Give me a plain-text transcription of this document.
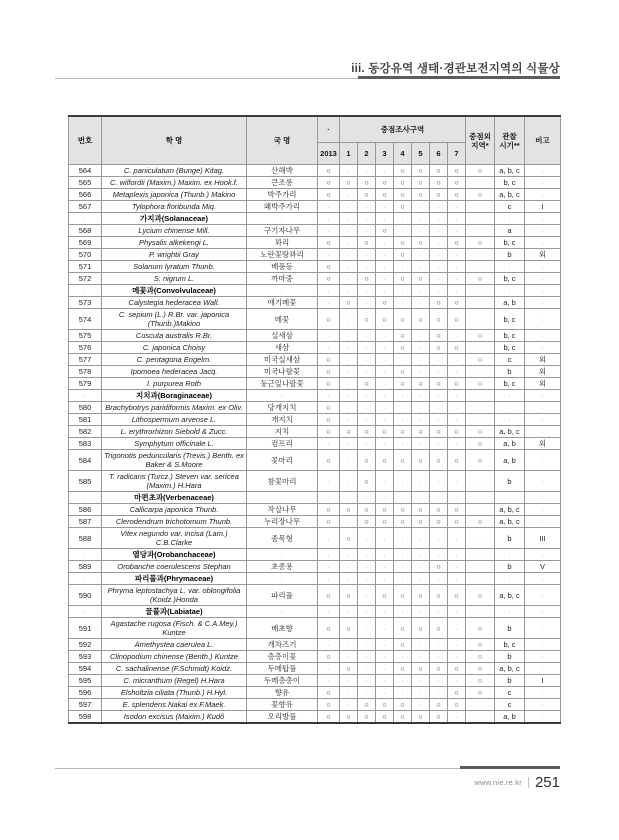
iii. 동강유역 생태·경관보전지역의 식물상
번호	학 명	국 명	·	중점조사구역							중점외
지역*	관찰
시기**	비고
			2013	1	2	3	4	5	6	7			
564	C. paniculatum (Bunge) Kitag.	산해박	○	·	·	·	○	○	○	○	○	a, b, c	·
565	C. wilfordii (Maxim.) Maxim. ex Hook.f.	큰조롱	○	○	○	○	○	○	○	○	·	b, c	·
566	Metaplexis japonica (Thunb.) Makino	박주가리	○	·	○	○	○	○	○	○	○	a, b, c	·
567	Tylophora floribunda Miq.	왜박주가리	·	·	·	·	○	·	·	·	·	c	I
·	가지과(Solanaceae)	·	·	·	·	·	·	·	·	·	·	·	·
568	Lycium chinense Mill.	구기자나무	·	·	·	○	·	·	·	·	·	a	·
569	Physalis alkekengi L.	꽈리	○	·	○	·	○	○	·	○	○	b, c	·
570	P. wrightii Gray	노란꽃땅꽈리	·	·	·	·	○	·	·	·	·	b	외
571	Solanum lyratum Thunb.	배풍등	○	·	·	·	·	·	·	·	·	·	·
572	S. nigrum L.	까마중	○	·	○	·	○	○	·	·	○	b, c	·
·	메꽃과(Convolvulaceae)	·	·	·	·	·	·	·	·	·	·	·	·
573	Calystegia hederacea Wall.	애기메꽃	·	○	·	○	·	·	○	○	·	a, b	·
574	C. sepium (L.) R.Br. var. japonica (Thunb.)Makino	메꽃	○	·	○	○	○	○	○	○	·	b, c	·
575	Cuscuta australis R.Br.	실새삼	·	·	·	·	○	·	○	·	○	b, c	·
576	C. japonica Choisy	새삼	·	·	·	·	○	·	○	○	·	b, c	·
577	C. pentagona Engelm.	미국실새삼	○	·	·	·	·	·	·	·	○	c	외
578	Ipomoea hederacea Jacq.	미국나팔꽃	○	·	·	·	○	·	·	·	·	b	외
579	I. purpurea Roth	둥근잎나팔꽃	○	·	○	·	○	○	○	○	○	b, c	외
·	지치과(Boraginaceae)	·	·	·	·	·	·	·	·	·	·	·	·
580	Brachybotrys paridiformis Maxim. ex Oliv.	당개지치	○	·	·	·	·	·	·	·	·	·	·
581	Lithospermum arvense L.	개지치	○	·	·	·	·	·	·	·	·	·	·
582	L. erythrorhizon Siebold & Zucc.	지치	○	○	○	○	○	○	○	○	○	a, b, c	·
583	Symphytum officinale L.	컴프리	·	·	·	·	·	·	·	·	○	a, b	외
584	Trigonotis peduncularis (Trevis.) Benth. ex Baker & S.Moore	꽃마리	○	·	○	○	○	○	○	○	○	a, b	·
585	T. radicans (Turcz.) Steven var. sericea (Maxim.) H.Hara	참꽃마리	·	·	○	·	·	·	·	·	·	b	·
·	마편초과(Verbenaceae)	·	·	·	·	·	·	·	·	·	·	·	·
586	Callicarpa japonica Thunb.	작살나무	○	○	○	○	○	○	○	○	·	a, b, c	·
587	Clerodendrum trichotomum Thunb.	누리장나무	○	·	○	○	○	○	○	○	○	a, b, c	·
588	Vitex negundo var. incisa (Lam.) C.B.Clarke	좀목형	·	○	·	·	·	·	·	·	·	b	III
·	열당과(Orobanchaceae)	·	·	·	·	·	·	·	·	·	·	·	·
589	Orobanche coerulescens Stephan	초종용	·	·	·	·	·	·	○	·	·	b	V
·	파리풀과(Phrymaceae)	·	·	·	·	·	·	·	·	·	·	·	·
590	Phryma leptostachya L. var. oblongifolia (Koidz.)Honda	파리풀	○	○	·	○	○	○	○	○	○	a, b, c	·
·	꿀풀과(Labiatae)	·	·	·	·	·	·	·	·	·	·	·	·
591	Agastache rugosa (Fisch. & C.A.Mey.) Kuntze	배초향	○	○	·	·	○	○	○	·	○	b	·
592	Amethystea caerulea L.	개차즈기	·	·	·	·	○	·	·	·	○	b, c	·
593	Clinopodium chinense (Benth.) Kuntze	층층이꽃	○	·	·	·	·	·	·	·	○	b	·
594	C. sachalinense (F.Schmidt) Koidz.	두메탑풀	·	○	·	·	○	○	○	○	○	a, b, c	·
595	C. micranthum (Regel) H.Hara	두메층층이	·	·	·	·	·	·	·	·	○	b	I
596	Elsholtzia ciliata (Thunb.) H.Hyl.	향유	○	·	·	·	·	·	·	○	○	c	·
597	E. splendens Nakai ex F.Maek.	꽃향유	○	·	○	○	○	·	○	○	·	c	·
598	Isodon excisus (Maxim.) Kudô	오리방풀	○	○	○	○	○	○	○	·	·	a, b	·
www.nie.re.kr 251
